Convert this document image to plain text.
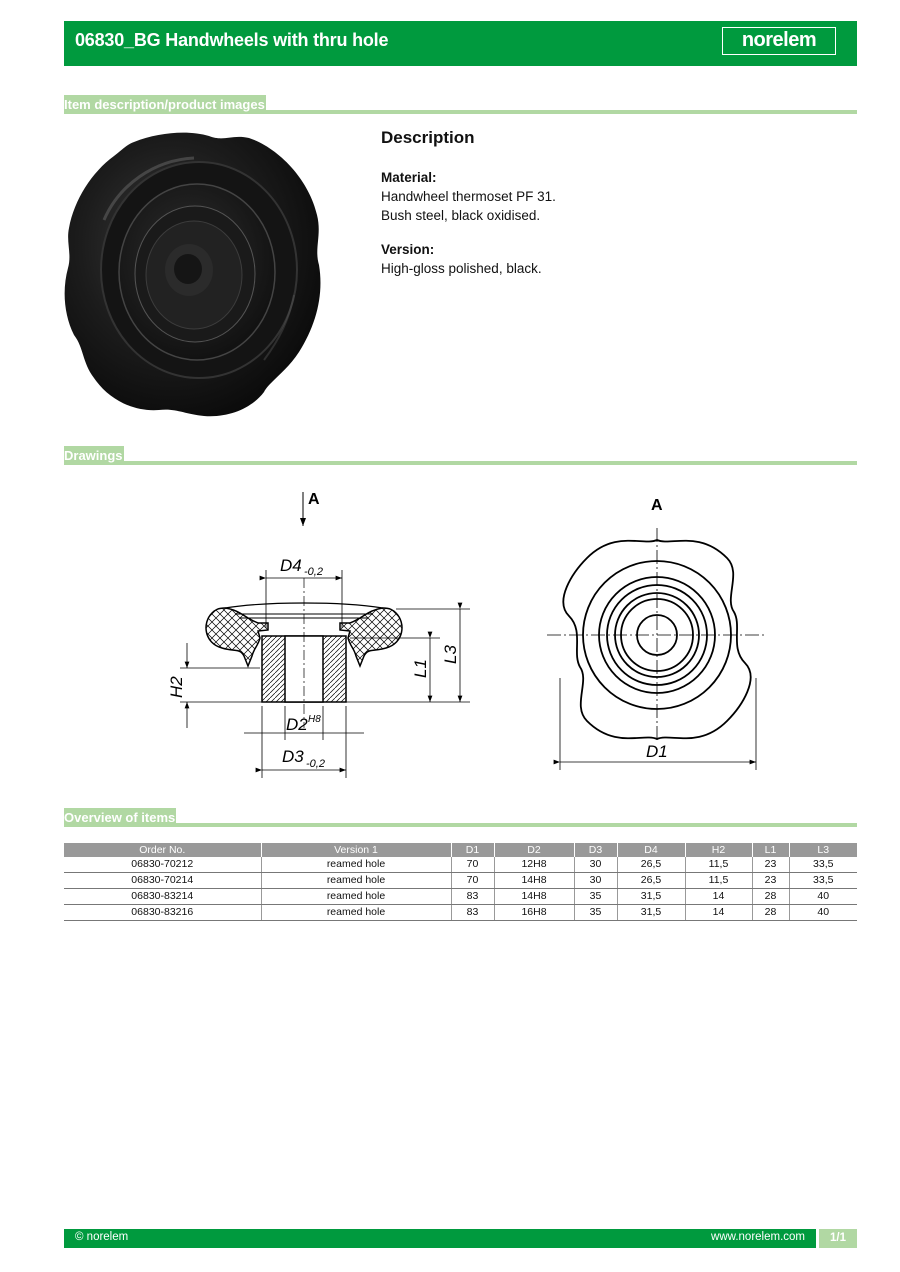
06830_BG Handwheels with thru hole	norelem
Item description/product images
Description

Material:

Handwheel thermoset PF 31.

Bush steel, black oxidised.

Version:

High-gloss polished, black.

Drawings
A
D4 -0,2
D2 H8
D3 -0,2
H2
L1
L3
A
D1
Overview of items
Order No.	Version 1	D1	D2	D3	D4	H2	L1	L3
06830-70212	reamed hole	70	12H8	30	26,5	11,5	23	33,5
06830-70214	reamed hole	70	14H8	30	26,5	11,5	23	33,5
06830-83214	reamed hole	83	14H8	35	31,5	14	28	40
06830-83216	reamed hole	83	16H8	35	31,5	14	28	40
© norelem	www.norelem.com	1/1
